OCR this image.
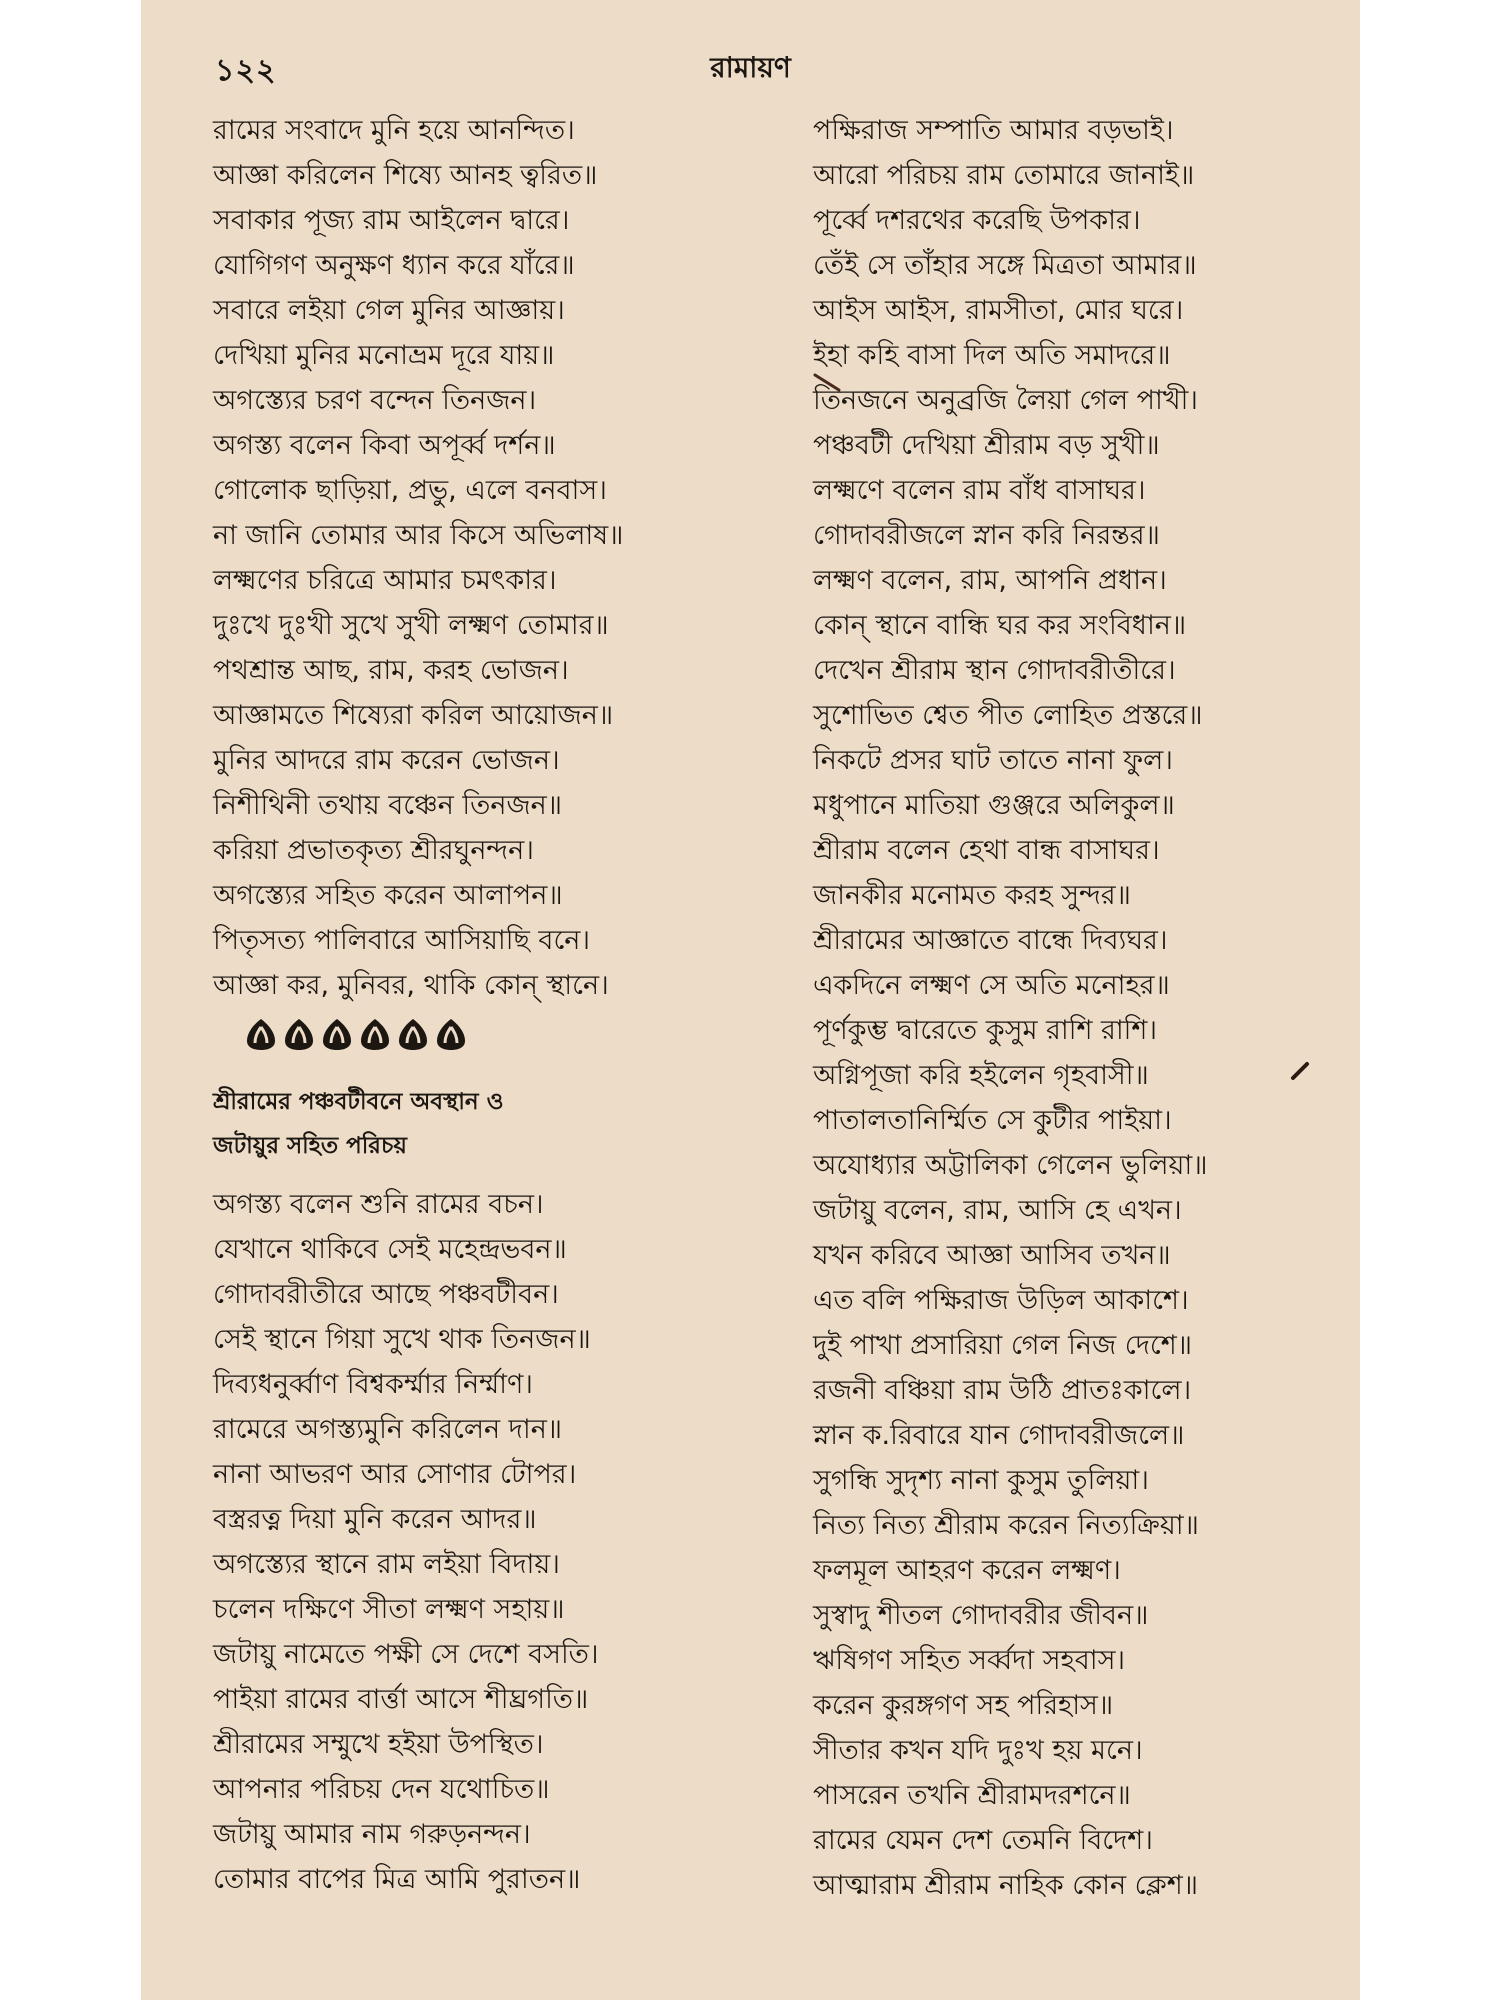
১২২	রামায়ণ
রামের সংবাদে মুনি হয়ে আনন্দিত।
আজ্ঞা করিলেন শিষ্যে আনহ ত্বরিত॥
সবাকার পূজ্য রাম আইলেন দ্বারে।
যোগিগণ অনুক্ষণ ধ্যান করে যাঁরে॥
সবারে লইয়া গেল মুনির আজ্ঞায়।
দেখিয়া মুনির মনোভ্রম দূরে যায়॥
অগস্ত্যের চরণ বন্দেন তিনজন।
অগস্ত্য বলেন কিবা অপূর্ব্ব দর্শন॥
গোলোক ছাড়িয়া, প্রভু, এলে বনবাস।
না জানি তোমার আর কিসে অভিলাষ॥
লক্ষ্মণের চরিত্রে আমার চমৎকার।
দুঃখে দুঃখী সুখে সুখী লক্ষ্মণ তোমার॥
পথশ্রান্ত আছ, রাম, করহ ভোজন।
আজ্ঞামতে শিষ্যেরা করিল আয়োজন॥
মুনির আদরে রাম করেন ভোজন।
নিশীথিনী তথায় বঞ্চেন তিনজন॥
করিয়া প্রভাতকৃত্য শ্রীরঘুনন্দন।
অগস্ত্যের সহিত করেন আলাপন॥
পিতৃসত্য পালিবারে আসিয়াছি বনে।
আজ্ঞা কর, মুনিবর, থাকি কোন্ স্থানে।
শ্রীরামের পঞ্চবটীবনে অবস্থান ও
জটায়ুর সহিত পরিচয়
অগস্ত্য বলেন শুনি রামের বচন।
যেখানে থাকিবে সেই মহেন্দ্রভবন॥
গোদাবরীতীরে আছে পঞ্চবটীবন।
সেই স্থানে গিয়া সুখে থাক তিনজন॥
দিব্যধনুর্ব্বাণ বিশ্বকর্ম্মার নির্ম্মাণ।
রামেরে অগস্ত্যমুনি করিলেন দান॥
নানা আভরণ আর সোণার টোপর।
বস্ত্ররত্ন দিয়া মুনি করেন আদর॥
অগস্ত্যের স্থানে রাম লইয়া বিদায়।
চলেন দক্ষিণে সীতা লক্ষ্মণ সহায়॥
জটায়ু নামেতে পক্ষী সে দেশে বসতি।
পাইয়া রামের বার্ত্তা আসে শীঘ্রগতি॥
শ্রীরামের সম্মুখে হইয়া উপস্থিত।
আপনার পরিচয় দেন যথোচিত॥
জটায়ু আমার নাম গরুড়নন্দন।
তোমার বাপের মিত্র আমি পুরাতন॥
পক্ষিরাজ সম্পাতি আমার বড়ভাই।
আরো পরিচয় রাম তোমারে জানাই॥
পূর্ব্বে দশরথের করেছি উপকার।
তেঁই সে তাঁহার সঙ্গে মিত্রতা আমার॥
আইস আইস, রামসীতা, মোর ঘরে।
ইহা কহি বাসা দিল অতি সমাদরে॥
তিনজনে অনুব্রজি লৈয়া গেল পাখী।
পঞ্চবটী দেখিয়া শ্রীরাম বড় সুখী॥
লক্ষ্মণে বলেন রাম বাঁধ বাসাঘর।
গোদাবরীজলে স্নান করি নিরন্তর॥
লক্ষ্মণ বলেন, রাম, আপনি প্রধান।
কোন্ স্থানে বান্ধি ঘর কর সংবিধান॥
দেখেন শ্রীরাম স্থান গোদাবরীতীরে।
সুশোভিত শ্বেত পীত লোহিত প্রস্তরে॥
নিকটে প্রসর ঘাট তাতে নানা ফুল।
মধুপানে মাতিয়া গুঞ্জরে অলিকুল॥
শ্রীরাম বলেন হেথা বান্ধ বাসাঘর।
জানকীর মনোমত করহ সুন্দর॥
শ্রীরামের আজ্ঞাতে বান্ধে দিব্যঘর।
একদিনে লক্ষ্মণ সে অতি মনোহর॥
পূর্ণকুম্ভ দ্বারেতে কুসুম রাশি রাশি।
অগ্নিপূজা করি হইলেন গৃহবাসী॥
পাতালতানির্ম্মিত সে কুটীর পাইয়া।
অযোধ্যার অট্টালিকা গেলেন ভুলিয়া॥
জটায়ু বলেন, রাম, আসি হে এখন।
যখন করিবে আজ্ঞা আসিব তখন॥
এত বলি পক্ষিরাজ উড়িল আকাশে।
দুই পাখা প্রসারিয়া গেল নিজ দেশে॥
রজনী বঞ্চিয়া রাম উঠি প্রাতঃকালে।
স্নান ক.রিবারে যান গোদাবরীজলে॥
সুগন্ধি সুদৃশ্য নানা কুসুম তুলিয়া।
নিত্য নিত্য শ্রীরাম করেন নিত্যক্রিয়া॥
ফলমূল আহরণ করেন লক্ষ্মণ।
সুস্বাদু শীতল গোদাবরীর জীবন॥
ঋষিগণ সহিত সর্ব্বদা সহবাস।
করেন কুরঙ্গগণ সহ পরিহাস॥
সীতার কখন যদি দুঃখ হয় মনে।
পাসরেন তখনি শ্রীরামদরশনে॥
রামের যেমন দেশ তেমনি বিদেশ।
আত্মারাম শ্রীরাম নাহিক কোন ক্লেশ॥
